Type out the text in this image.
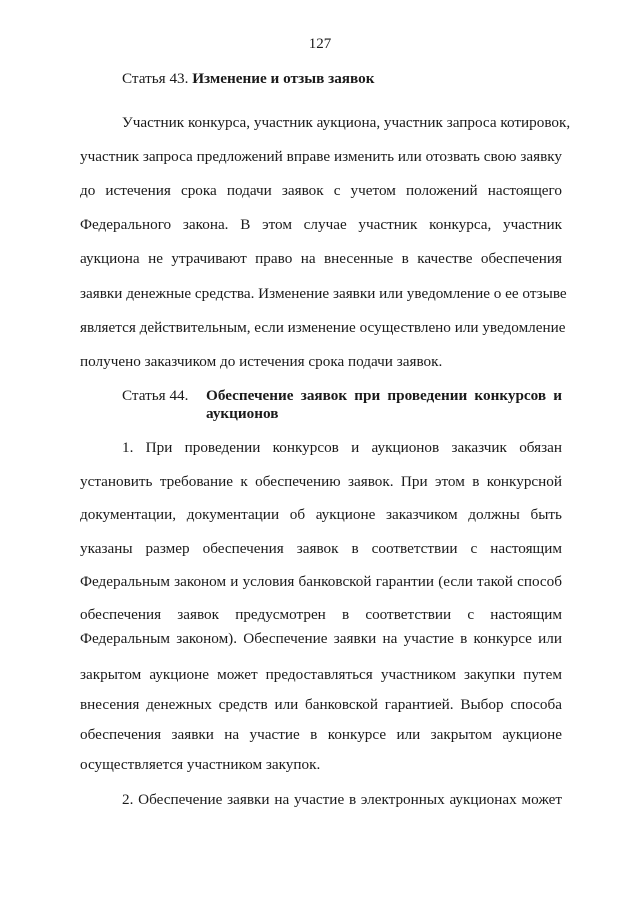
127
Статья 43. Изменение и отзыв заявок
Участник конкурса, участник аукциона, участник запроса котировок,
участник запроса предложений вправе изменить или отозвать свою заявку
до истечения срока подачи заявок с учетом положений настоящего
Федерального закона. В этом случае участник конкурса, участник
аукциона не утрачивают право на внесенные в качестве обеспечения
заявки денежные средства. Изменение заявки или уведомление о ее отзыве
является действительным, если изменение осуществлено или уведомление
получено заказчиком до истечения срока подачи заявок.
Статья 44.	Обеспечение заявок при проведении конкурсов и
аукционов
1. При проведении конкурсов и аукционов заказчик обязан
установить требование к обеспечению заявок. При этом в конкурсной
документации, документации об аукционе заказчиком должны быть
указаны размер обеспечения заявок в соответствии с настоящим
Федеральным законом и условия банковской гарантии (если такой способ
обеспечения заявок предусмотрен в соответствии с настоящим
Федеральным законом). Обеспечение заявки на участие в конкурсе или
закрытом аукционе может предоставляться участником закупки путем
внесения денежных средств или банковской гарантией. Выбор способа
обеспечения заявки на участие в конкурсе или закрытом аукционе
осуществляется участником закупок.
2. Обеспечение заявки на участие в электронных аукционах может
